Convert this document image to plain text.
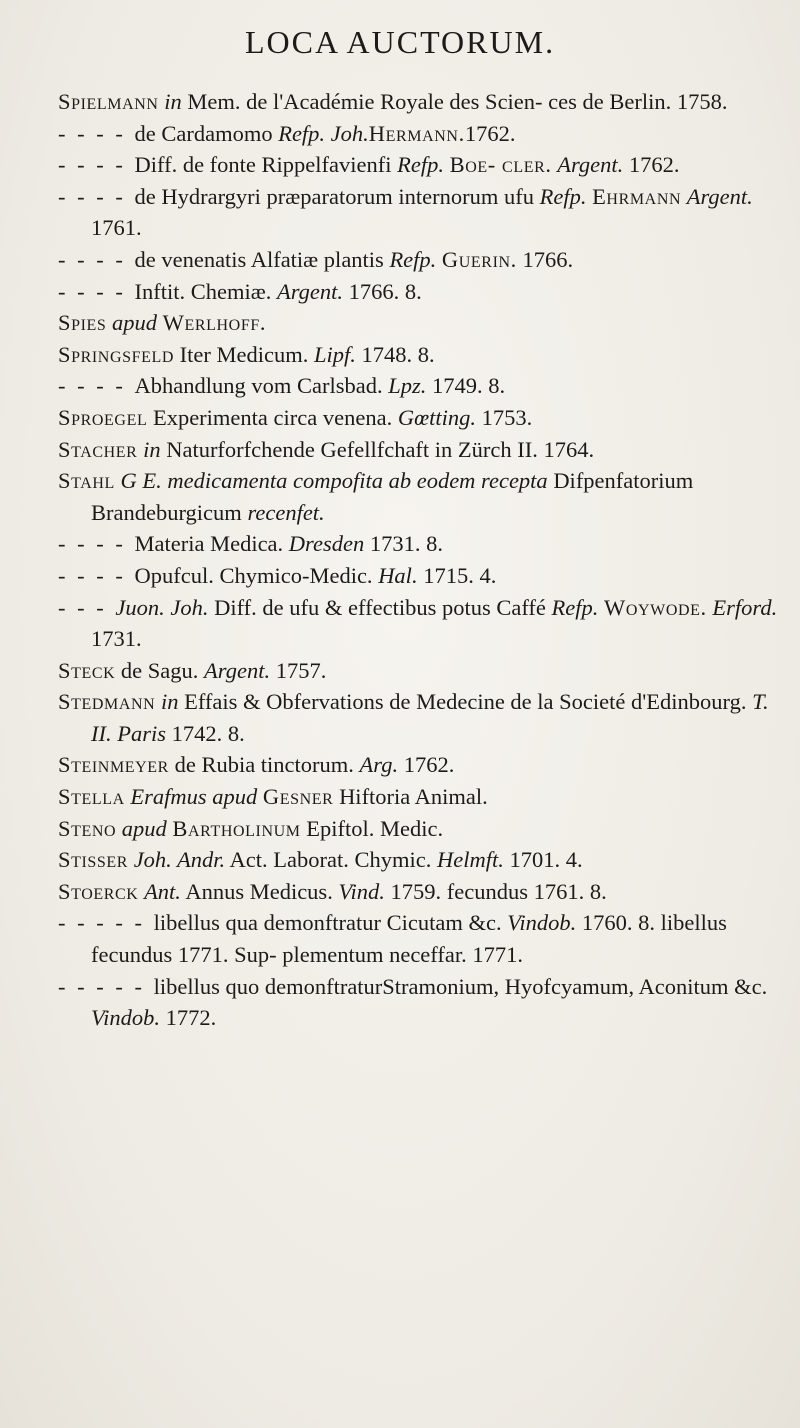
LOCA AUCTORUM.
Spielmann in Mem. de l'Académie Royale des Scien- ces de Berlin. 1758.
- - - - de Cardamomo Refp. Joh.Hermann.1762.
- - - - Diff. de fonte Rippelfavienfi Refp. Boe- cler. Argent. 1762.
- - - - de Hydrargyri præparatorum internorum ufu Refp. Ehrmann Argent. 1761.
- - - - de venenatis Alfatiæ plantis Refp. Guerin. 1766.
- - - - Inftit. Chemiæ. Argent. 1766. 8.
Spies apud Werlhoff.
Springsfeld Iter Medicum. Lipf. 1748. 8.
- - - - Abhandlung vom Carlsbad. Lpz. 1749. 8.
Sproegel Experimenta circa venena. Gœtting. 1753.
Stacher in Naturforfchende Gefellfchaft in Zürch II. 1764.
Stahl G E. medicamenta compofita ab eodem recepta Difpenfatorium Brandeburgicum recenfet.
- - - - Materia Medica. Dresden 1731. 8.
- - - - Opufcul. Chymico-Medic. Hal. 1715. 4.
- - - Juon. Joh. Diff. de ufu & effectibus potus Caffé Refp. Woywode. Erford. 1731.
Steck de Sagu. Argent. 1757.
Stedmann in Effais & Obfervations de Medecine de la Societé d'Edinbourg. T. II. Paris 1742. 8.
Steinmeyer de Rubia tinctorum. Arg. 1762.
Stella Erafmus apud Gesner Hiftoria Animal.
Steno apud Bartholinum Epiftol. Medic.
Stisser Joh. Andr. Act. Laborat. Chymic. Helmft. 1701. 4.
Stoerck Ant. Annus Medicus. Vind. 1759. fecundus 1761. 8.
- - - - - libellus qua demonftratur Cicutam &c. Vindob. 1760. 8. libellus fecundus 1771. Sup- plementum neceffar. 1771.
- - - - - libellus quo demonftraturStramonium, Hyofcyamum, Aconitum &c. Vindob. 1772.
